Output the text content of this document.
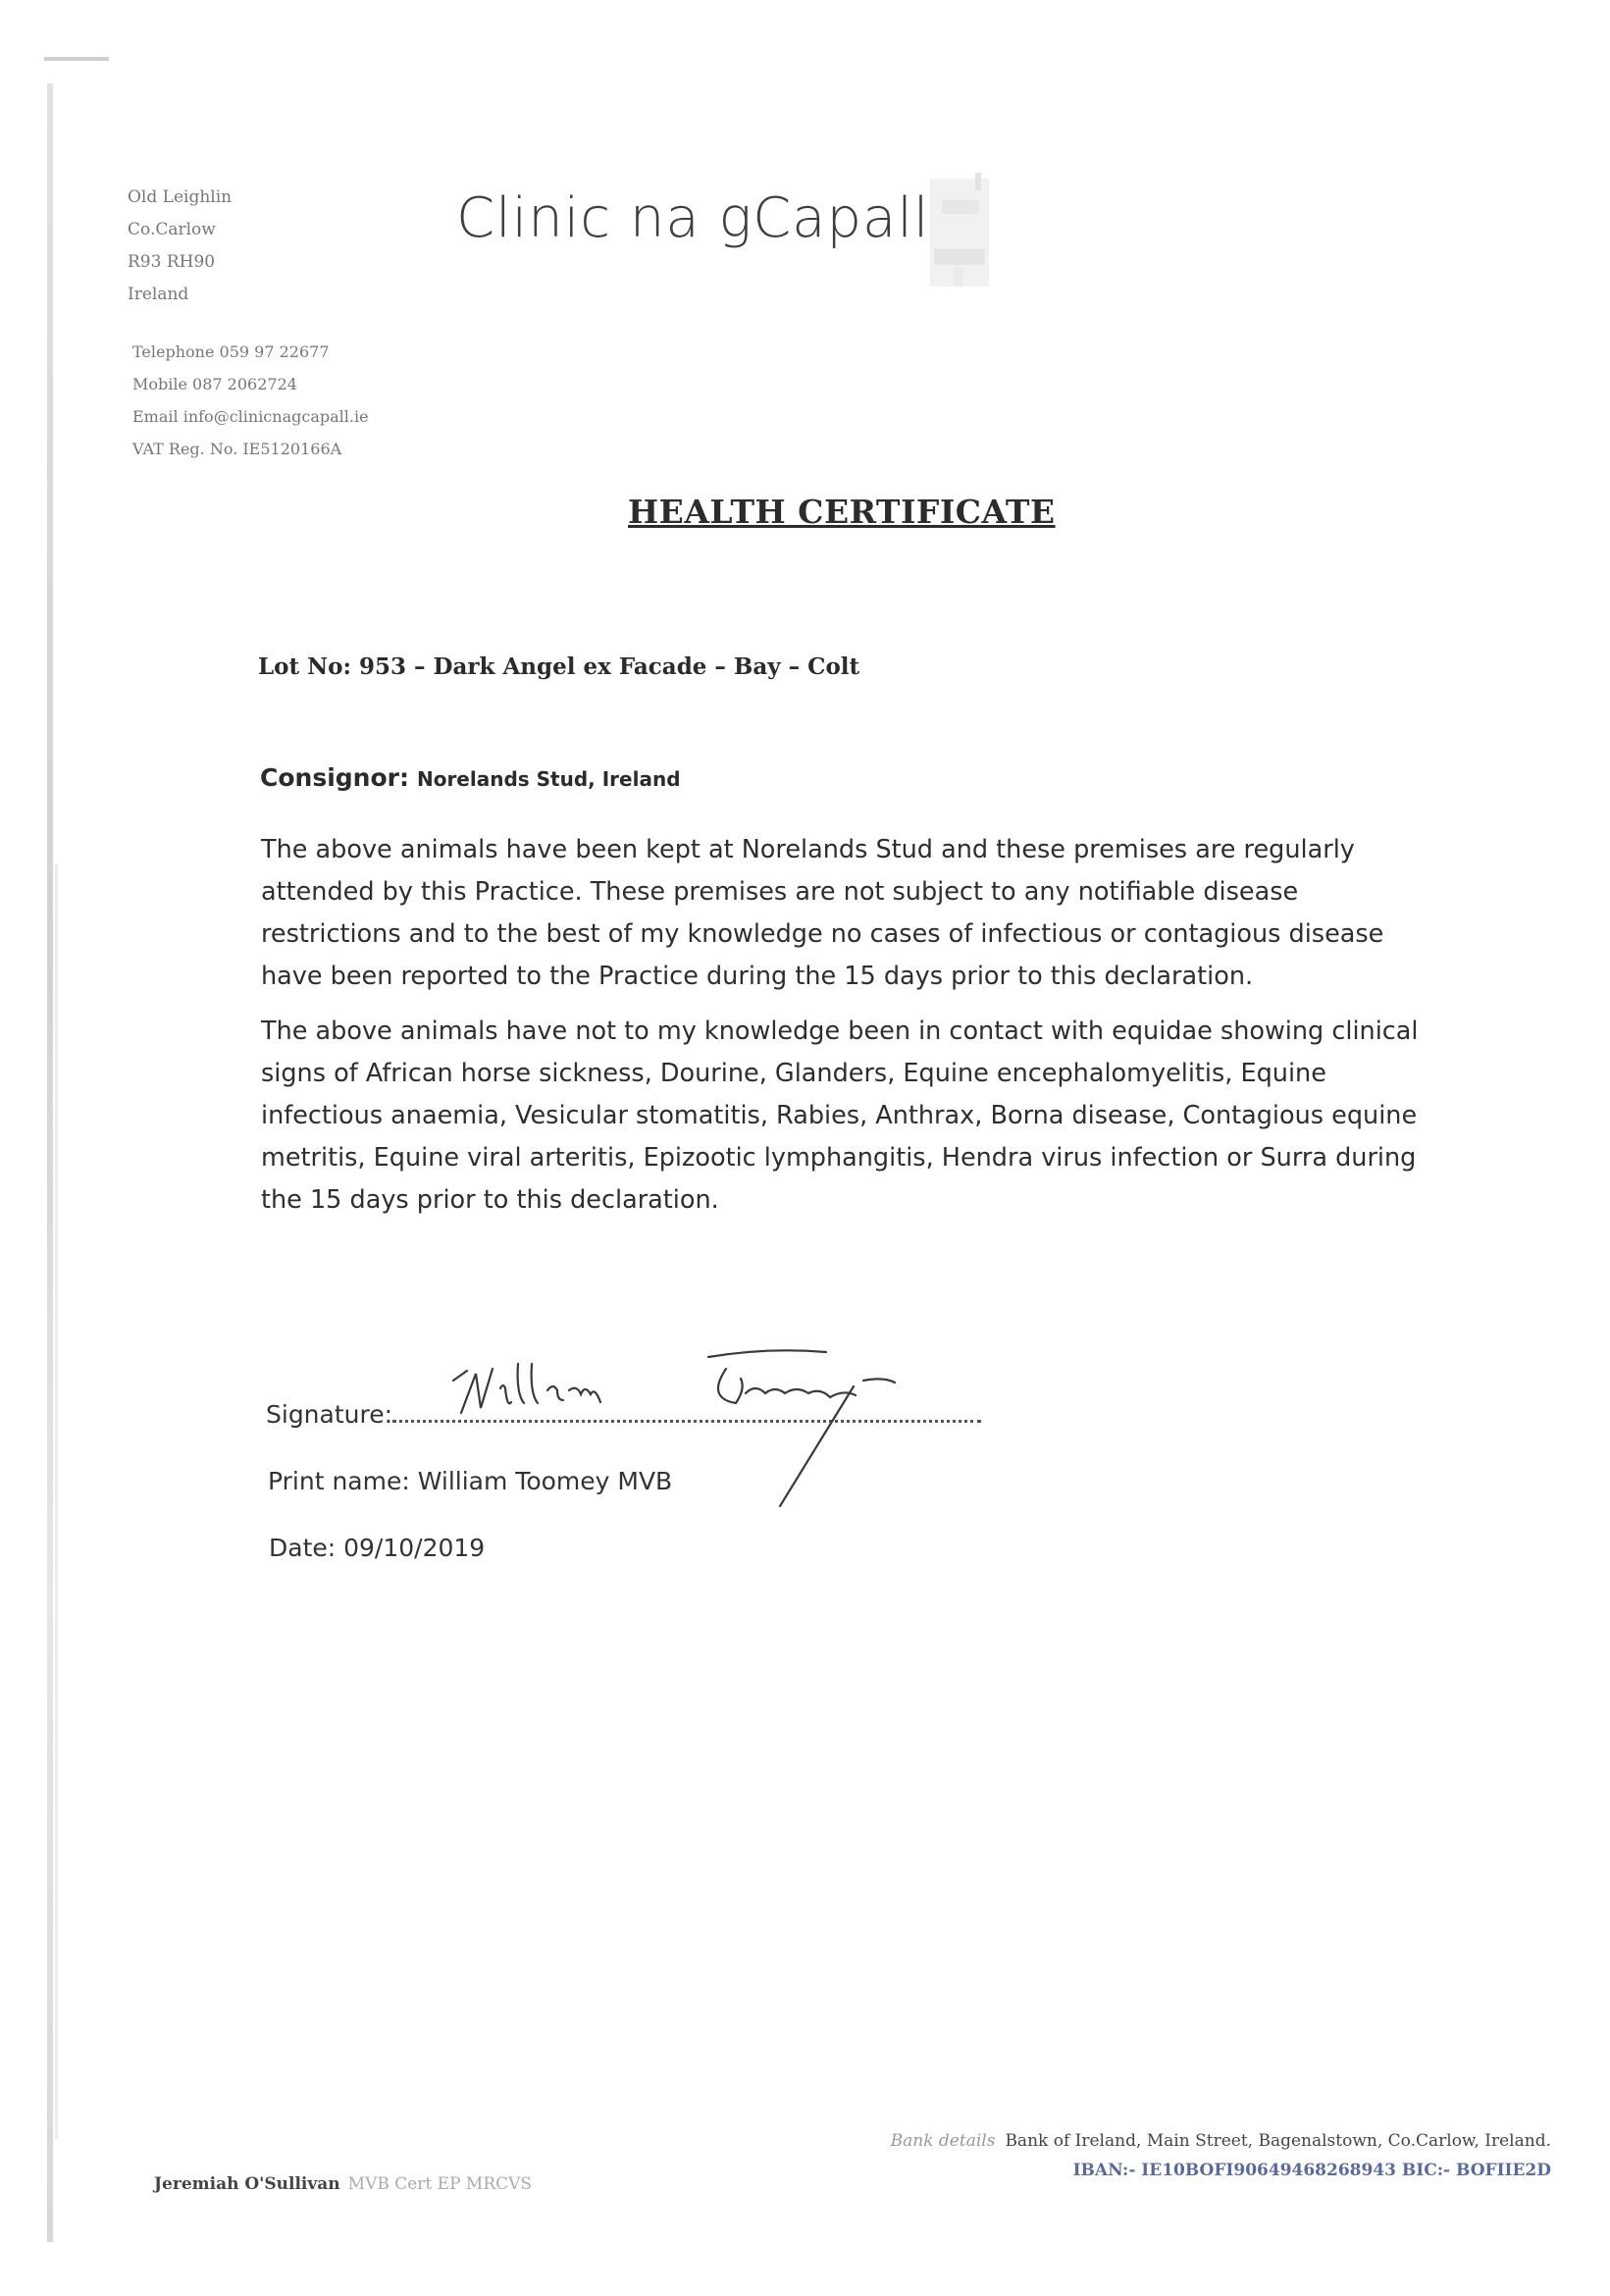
Old Leighlin
Co.Carlow
R93 RH90
Ireland
Telephone 059 97 22677
Mobile 087 2062724
Email info@clinicnagcapall.ie
VAT Reg. No. IE5120166A
Clinic na gCapall
HEALTH CERTIFICATE
Lot No: 953 – Dark Angel ex Facade – Bay – Colt
Consignor: Norelands Stud, Ireland
The above animals have been kept at Norelands Stud and these premises are regularly attended by this Practice. These premises are not subject to any notifiable disease restrictions and to the best of my knowledge no cases of infectious or contagious disease have been reported to the Practice during the 15 days prior to this declaration.
The above animals have not to my knowledge been in contact with equidae showing clinical signs of African horse sickness, Dourine, Glanders, Equine encephalomyelitis, Equine infectious anaemia, Vesicular stomatitis, Rabies, Anthrax, Borna disease, Contagious equine metritis, Equine viral arteritis, Epizootic lymphangitis, Hendra virus infection or Surra during the 15 days prior to this declaration.
Signature:
Print name: William Toomey MVB
Date: 09/10/2019
Jeremiah O'Sullivan MVB Cert EP MRCVS
Bank details Bank of Ireland, Main Street, Bagenalstown, Co.Carlow, Ireland.
IBAN:- IE10BOFI90649468268943 BIC:- BOFIIE2D
